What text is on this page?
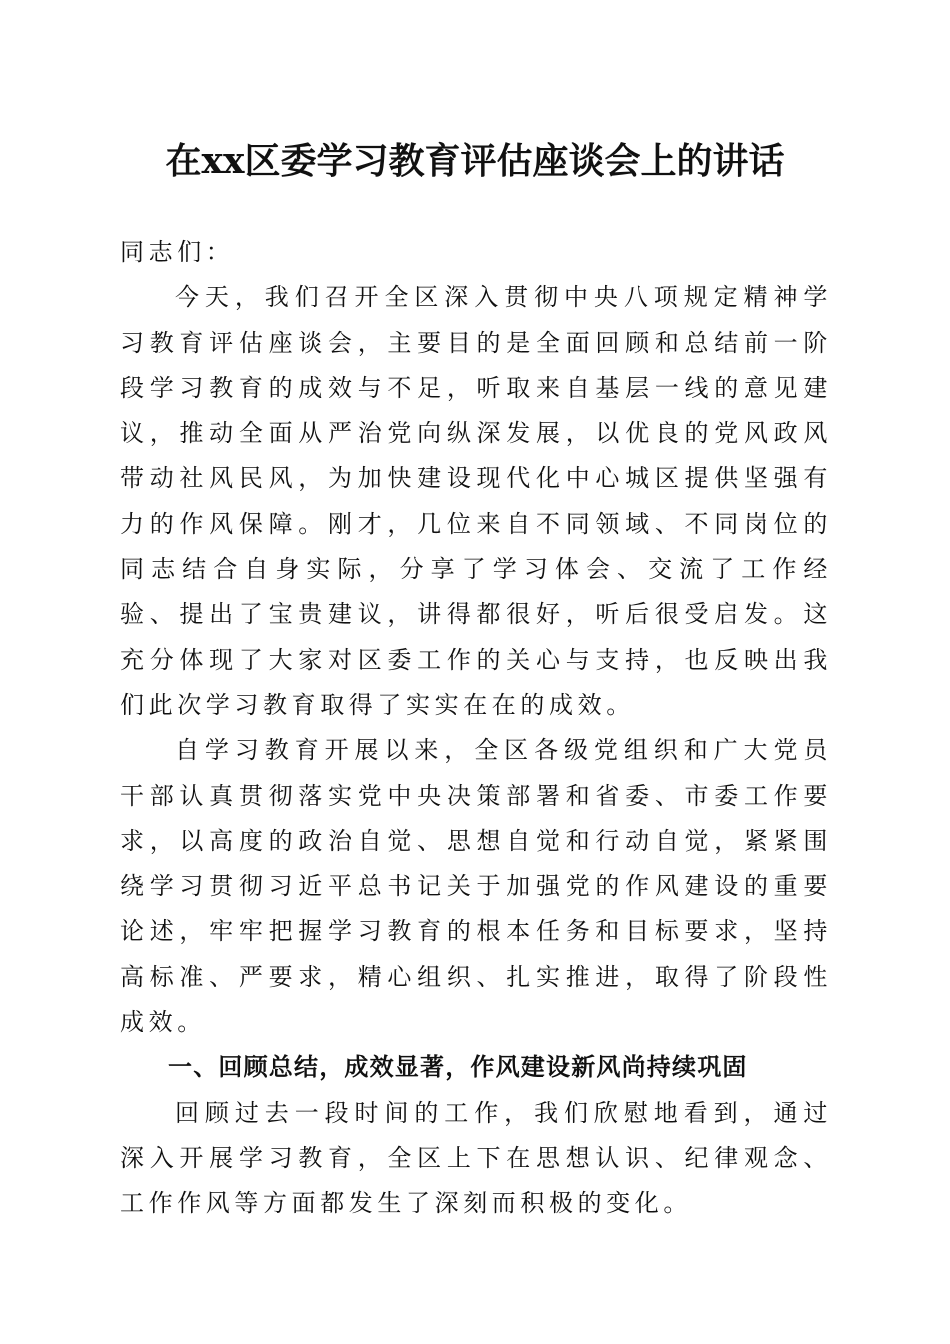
在xx区委学习教育评估座谈会上的讲话

同志们：

今天，我们召开全区深入贯彻中央八项规定精神学习教育评估座谈会，主要目的是全面回顾和总结前一阶段学习教育的成效与不足，听取来自基层一线的意见建议，推动全面从严治党向纵深发展，以优良的党风政风带动社风民风，为加快建设现代化中心城区提供坚强有力的作风保障。刚才，几位来自不同领域、不同岗位的同志结合自身实际，分享了学习体会、交流了工作经验、提出了宝贵建议，讲得都很好，听后很受启发。这充分体现了大家对区委工作的关心与支持，也反映出我们此次学习教育取得了实实在在的成效。

自学习教育开展以来，全区各级党组织和广大党员干部认真贯彻落实党中央决策部署和省委、市委工作要求，以高度的政治自觉、思想自觉和行动自觉，紧紧围绕学习贯彻习近平总书记关于加强党的作风建设的重要论述，牢牢把握学习教育的根本任务和目标要求，坚持高标准、严要求，精心组织、扎实推进，取得了阶段性成效。

一、回顾总结，成效显著，作风建设新风尚持续巩固

回顾过去一段时间的工作，我们欣慰地看到，通过深入开展学习教育，全区上下在思想认识、纪律观念、工作作风等方面都发生了深刻而积极的变化。
